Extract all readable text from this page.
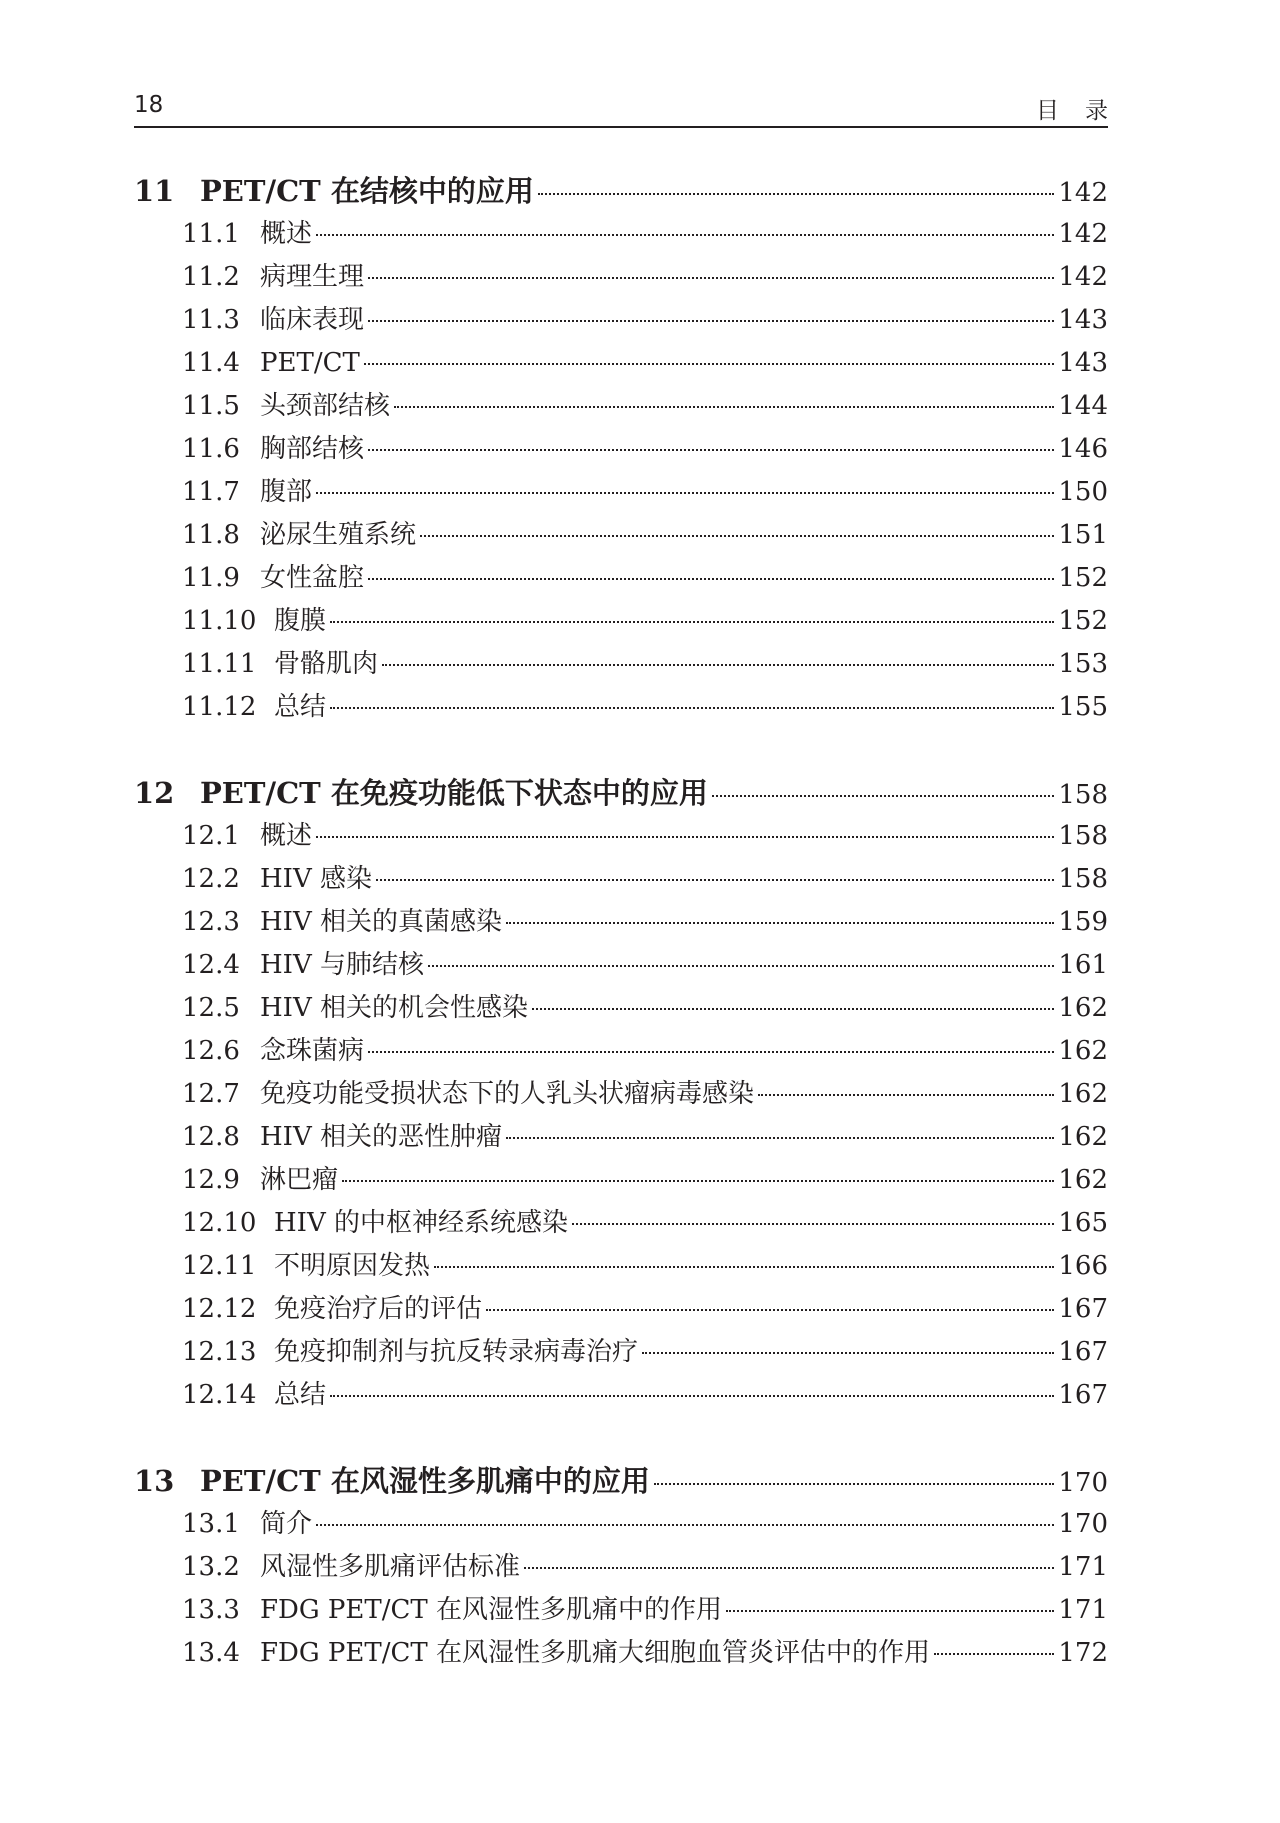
18	目录
11 PET/CT 在结核中的应用	142
11.1 概述	142
11.2 病理生理	142
11.3 临床表现	143
11.4 PET/CT	143
11.5 头颈部结核	144
11.6 胸部结核	146
11.7 腹部	150
11.8 泌尿生殖系统	151
11.9 女性盆腔	152
11.10 腹膜	152
11.11 骨骼肌肉	153
11.12 总结	155
12 PET/CT 在免疫功能低下状态中的应用	158
12.1 概述	158
12.2 HIV 感染	158
12.3 HIV 相关的真菌感染	159
12.4 HIV 与肺结核	161
12.5 HIV 相关的机会性感染	162
12.6 念珠菌病	162
12.7 免疫功能受损状态下的人乳头状瘤病毒感染	162
12.8 HIV 相关的恶性肿瘤	162
12.9 淋巴瘤	162
12.10 HIV 的中枢神经系统感染	165
12.11 不明原因发热	166
12.12 免疫治疗后的评估	167
12.13 免疫抑制剂与抗反转录病毒治疗	167
12.14 总结	167
13 PET/CT 在风湿性多肌痛中的应用	170
13.1 简介	170
13.2 风湿性多肌痛评估标准	171
13.3 FDG PET/CT 在风湿性多肌痛中的作用	171
13.4 FDG PET/CT 在风湿性多肌痛大细胞血管炎评估中的作用	172
